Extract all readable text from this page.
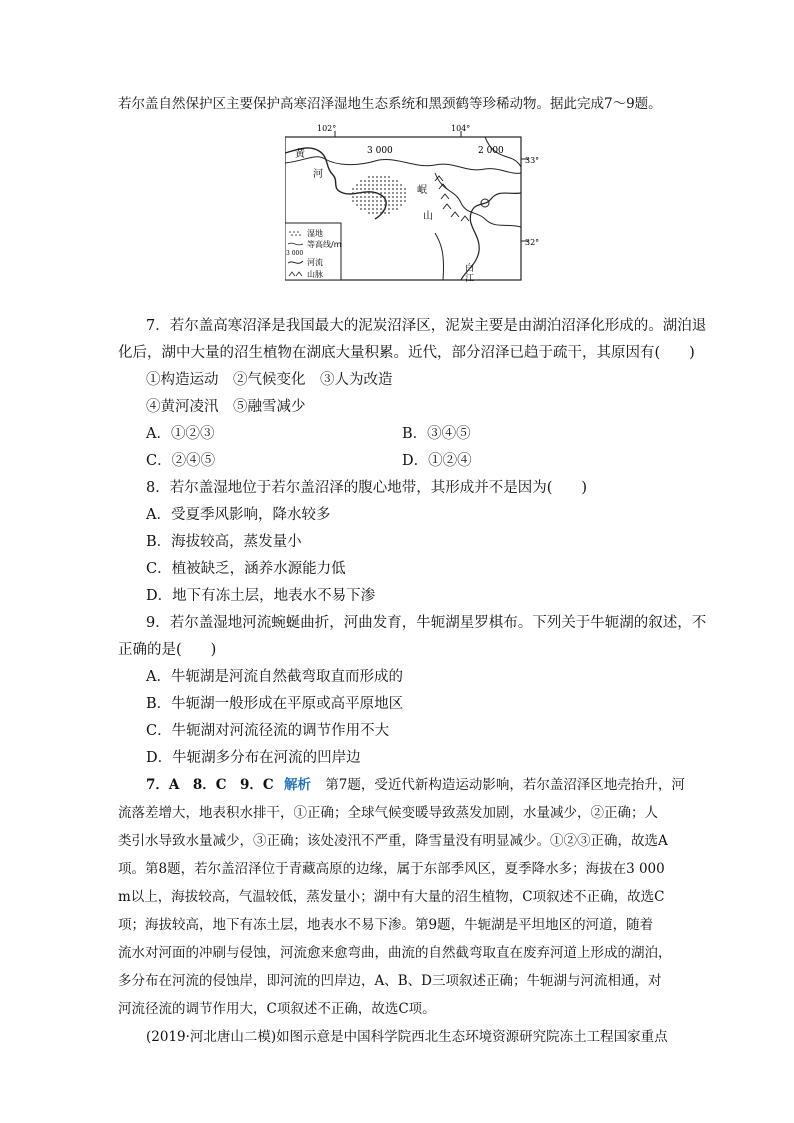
若尔盖自然保护区主要保护高寒沼泽湿地生态系统和黑颈鹤等珍稀动物。据此完成7～9题。
102°	104°
33°
32°
3 000	2 000
黄
河
岷
山
白
江
湿地
等高线/m
3 000
河流
山脉
7．若尔盖高寒沼泽是我国最大的泥炭沼泽区，泥炭主要是由湖泊沼泽化形成的。湖泊退
化后，湖中大量的沼生植物在湖底大量积累。近代，部分沼泽已趋于疏干，其原因有(　　)
①构造运动　②气候变化　③人为改造
④黄河凌汛　⑤融雪减少
A．①②③	B．③④⑤
C．②④⑤	D．①②④
8．若尔盖湿地位于若尔盖沼泽的腹心地带，其形成并不是因为(　　)
A．受夏季风影响，降水较多
B．海拔较高，蒸发量小
C．植被缺乏，涵养水源能力低
D．地下有冻土层，地表水不易下渗
9．若尔盖湿地河流蜿蜒曲折，河曲发育，牛轭湖星罗棋布。下列关于牛轭湖的叙述，不
正确的是(　　)
A．牛轭湖是河流自然截弯取直而形成的
B．牛轭湖一般形成在平原或高平原地区
C．牛轭湖对河流径流的调节作用不大
D．牛轭湖多分布在河流的凹岸边
7．A　8．C　9．C 解析 第7题，受近代新构造运动影响，若尔盖沼泽区地壳抬升，河
流落差增大，地表积水排干，①正确；全球气候变暖导致蒸发加剧，水量减少，②正确；人
类引水导致水量减少，③正确；该处凌汛不严重，降雪量没有明显减少。①②③正确，故选A
项。第8题，若尔盖沼泽位于青藏高原的边缘，属于东部季风区，夏季降水多；海拔在3 000
m以上，海拔较高，气温较低，蒸发量小；湖中有大量的沼生植物，C项叙述不正确，故选C
项；海拔较高，地下有冻土层，地表水不易下渗。第9题，牛轭湖是平坦地区的河道，随着
流水对河面的冲刷与侵蚀，河流愈来愈弯曲，曲流的自然截弯取直在废弃河道上形成的湖泊，
多分布在河流的侵蚀岸，即河流的凹岸边，A、B、D三项叙述正确；牛轭湖与河流相通，对
河流径流的调节作用大，C项叙述不正确，故选C项。
(2019·河北唐山二模)如图示意是中国科学院西北生态环境资源研究院冻土工程国家重点
